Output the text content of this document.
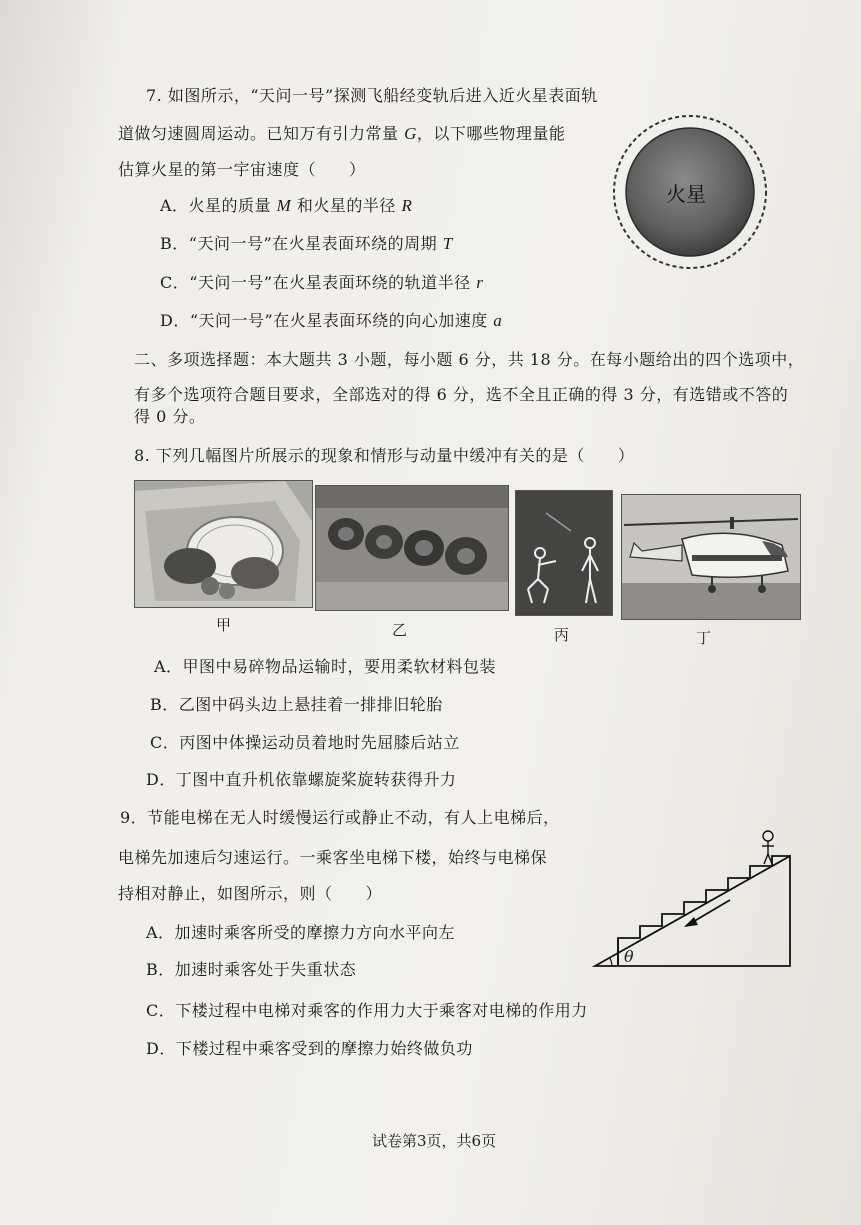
7. 如图所示，“天问一号”探测飞船经变轨后进入近火星表面轨
道做匀速圆周运动。已知万有引力常量 G，以下哪些物理量能
估算火星的第一宇宙速度（　　）
A．火星的质量 M 和火星的半径 R
B．“天问一号”在火星表面环绕的周期 T
C．“天问一号”在火星表面环绕的轨道半径 r
D．“天问一号”在火星表面环绕的向心加速度 a
火星
二、多项选择题：本大题共 3 小题，每小题 6 分，共 18 分。在每小题给出的四个选项中，
有多个选项符合题目要求，全部选对的得 6 分，选不全且正确的得 3 分，有选错或不答的
得 0 分。
8. 下列几幅图片所展示的现象和情形与动量中缓冲有关的是（　　）
甲	乙	丙	丁
A．甲图中易碎物品运输时，要用柔软材料包装
B．乙图中码头边上悬挂着一排排旧轮胎
C．丙图中体操运动员着地时先屈膝后站立
D．丁图中直升机依靠螺旋桨旋转获得升力
9．节能电梯在无人时缓慢运行或静止不动，有人上电梯后，
电梯先加速后匀速运行。一乘客坐电梯下楼，始终与电梯保
持相对静止，如图所示，则（　　）
A．加速时乘客所受的摩擦力方向水平向左
B．加速时乘客处于失重状态
C．下楼过程中电梯对乘客的作用力大于乘客对电梯的作用力
D．下楼过程中乘客受到的摩擦力始终做负功
θ
试卷第3页，共6页
